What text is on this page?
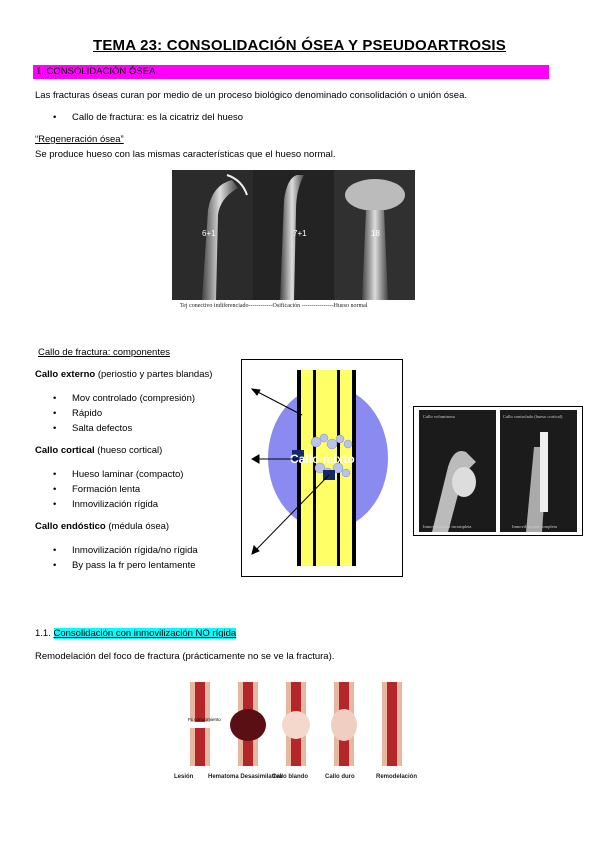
TEMA 23: CONSOLIDACIÓN ÓSEA Y PSEUDOARTROSIS
1. CONSOLIDACIÓN ÓSEA
Las fracturas óseas curan por medio de un proceso biológico denominado consolidación o unión ósea.
• Callo de fractura: es la cicatriz del hueso
“Regeneración ósea”
Se produce hueso con las mismas características que el hueso normal.
6+1	7+1	18
Tej conectivo indiferenciado------------Osificación ----------------Hueso normal
Callo de fractura: componentes
Callo externo (periostio y partes blandas)
• Mov controlado (compresión)
• Rápido
• Salta defectos
Callo cortical (hueso cortical)
• Hueso laminar (compacto)
• Formación lenta
• Inmovilización rígida
Callo endóstico (médula ósea)
• Inmovilización rígida/no rígida
• By pass la fr pero lentamente
Callo mixto
Callo voluminoso
Inmovilización incompleta
Callo controlado (hueso cortical)
Inmovilización completa
1.1. Consolidación con inmovilización NO rígida
Remodelación del foco de fractura (prácticamente no se ve la fractura).
Fc conocimiento
Lesión Hematoma Desasimilativa
Callo blando	Callo duro	Remodelación
